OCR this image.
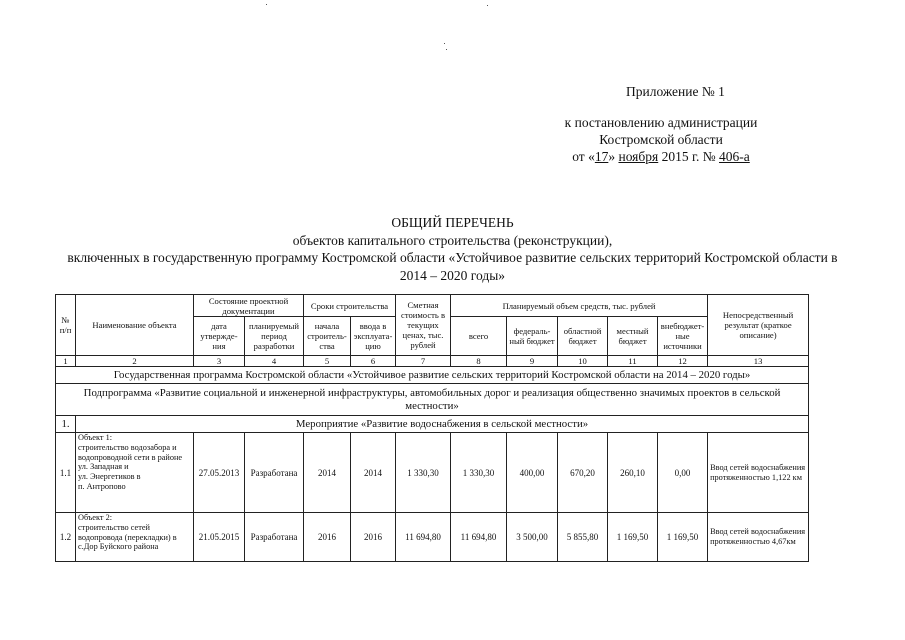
Приложение № 1
к постановлению администрации
Костромской области
от «17» ноября 2015 г. № 406-а
ОБЩИЙ ПЕРЕЧЕНЬ
объектов капитального строительства (реконструкции),
включенных в государственную программу Костромской области «Устойчивое развитие сельских территорий Костромской области в
2014 – 2020 годы»
№ п/п	Наименование объекта	Состояние проектной документации		Сроки строительства		Сметная стоимость в текущих ценах, тыс. рублей	Планируемый объем средств, тыс. рублей					Непосредственный результат (краткое описание)
		дата утвержде-ния	планируемый период разработки	начала строитель-ства	ввода в эксплуата-цию		всего	федераль-ный бюджет	областной бюджет	местный бюджет	внебюджет-ные источники	
1	2	3	4	5	6	7	8	9	10	11	12	13
Государственная программа Костромской области «Устойчивое развитие сельских территорий Костромской области на 2014 – 2020 годы»												
Подпрограмма «Развитие социальной и инженерной инфраструктуры, автомобильных дорог и реализация общественно значимых проектов в сельской местности»												
1.	Мероприятие «Развитие водоснабжения в сельской местности»											
1.1	Объект 1:
строительство водозабора и водопроводной сети в районе
ул. Западная и
ул. Энергетиков в
п. Антропово	27.05.2013	Разработана	2014	2014	1 330,30	1 330,30	400,00	670,20	260,10	0,00	Ввод сетей водоснабжения протяженностью 1,122 км
1.2	Объект 2:
строительство сетей водопровода (перекладки) в с.Дор Буйского района	21.05.2015	Разработана	2016	2016	11 694,80	11 694,80	3 500,00	5 855,80	1 169,50	1 169,50	Ввод сетей водоснабжения протяженностью 4,67км
